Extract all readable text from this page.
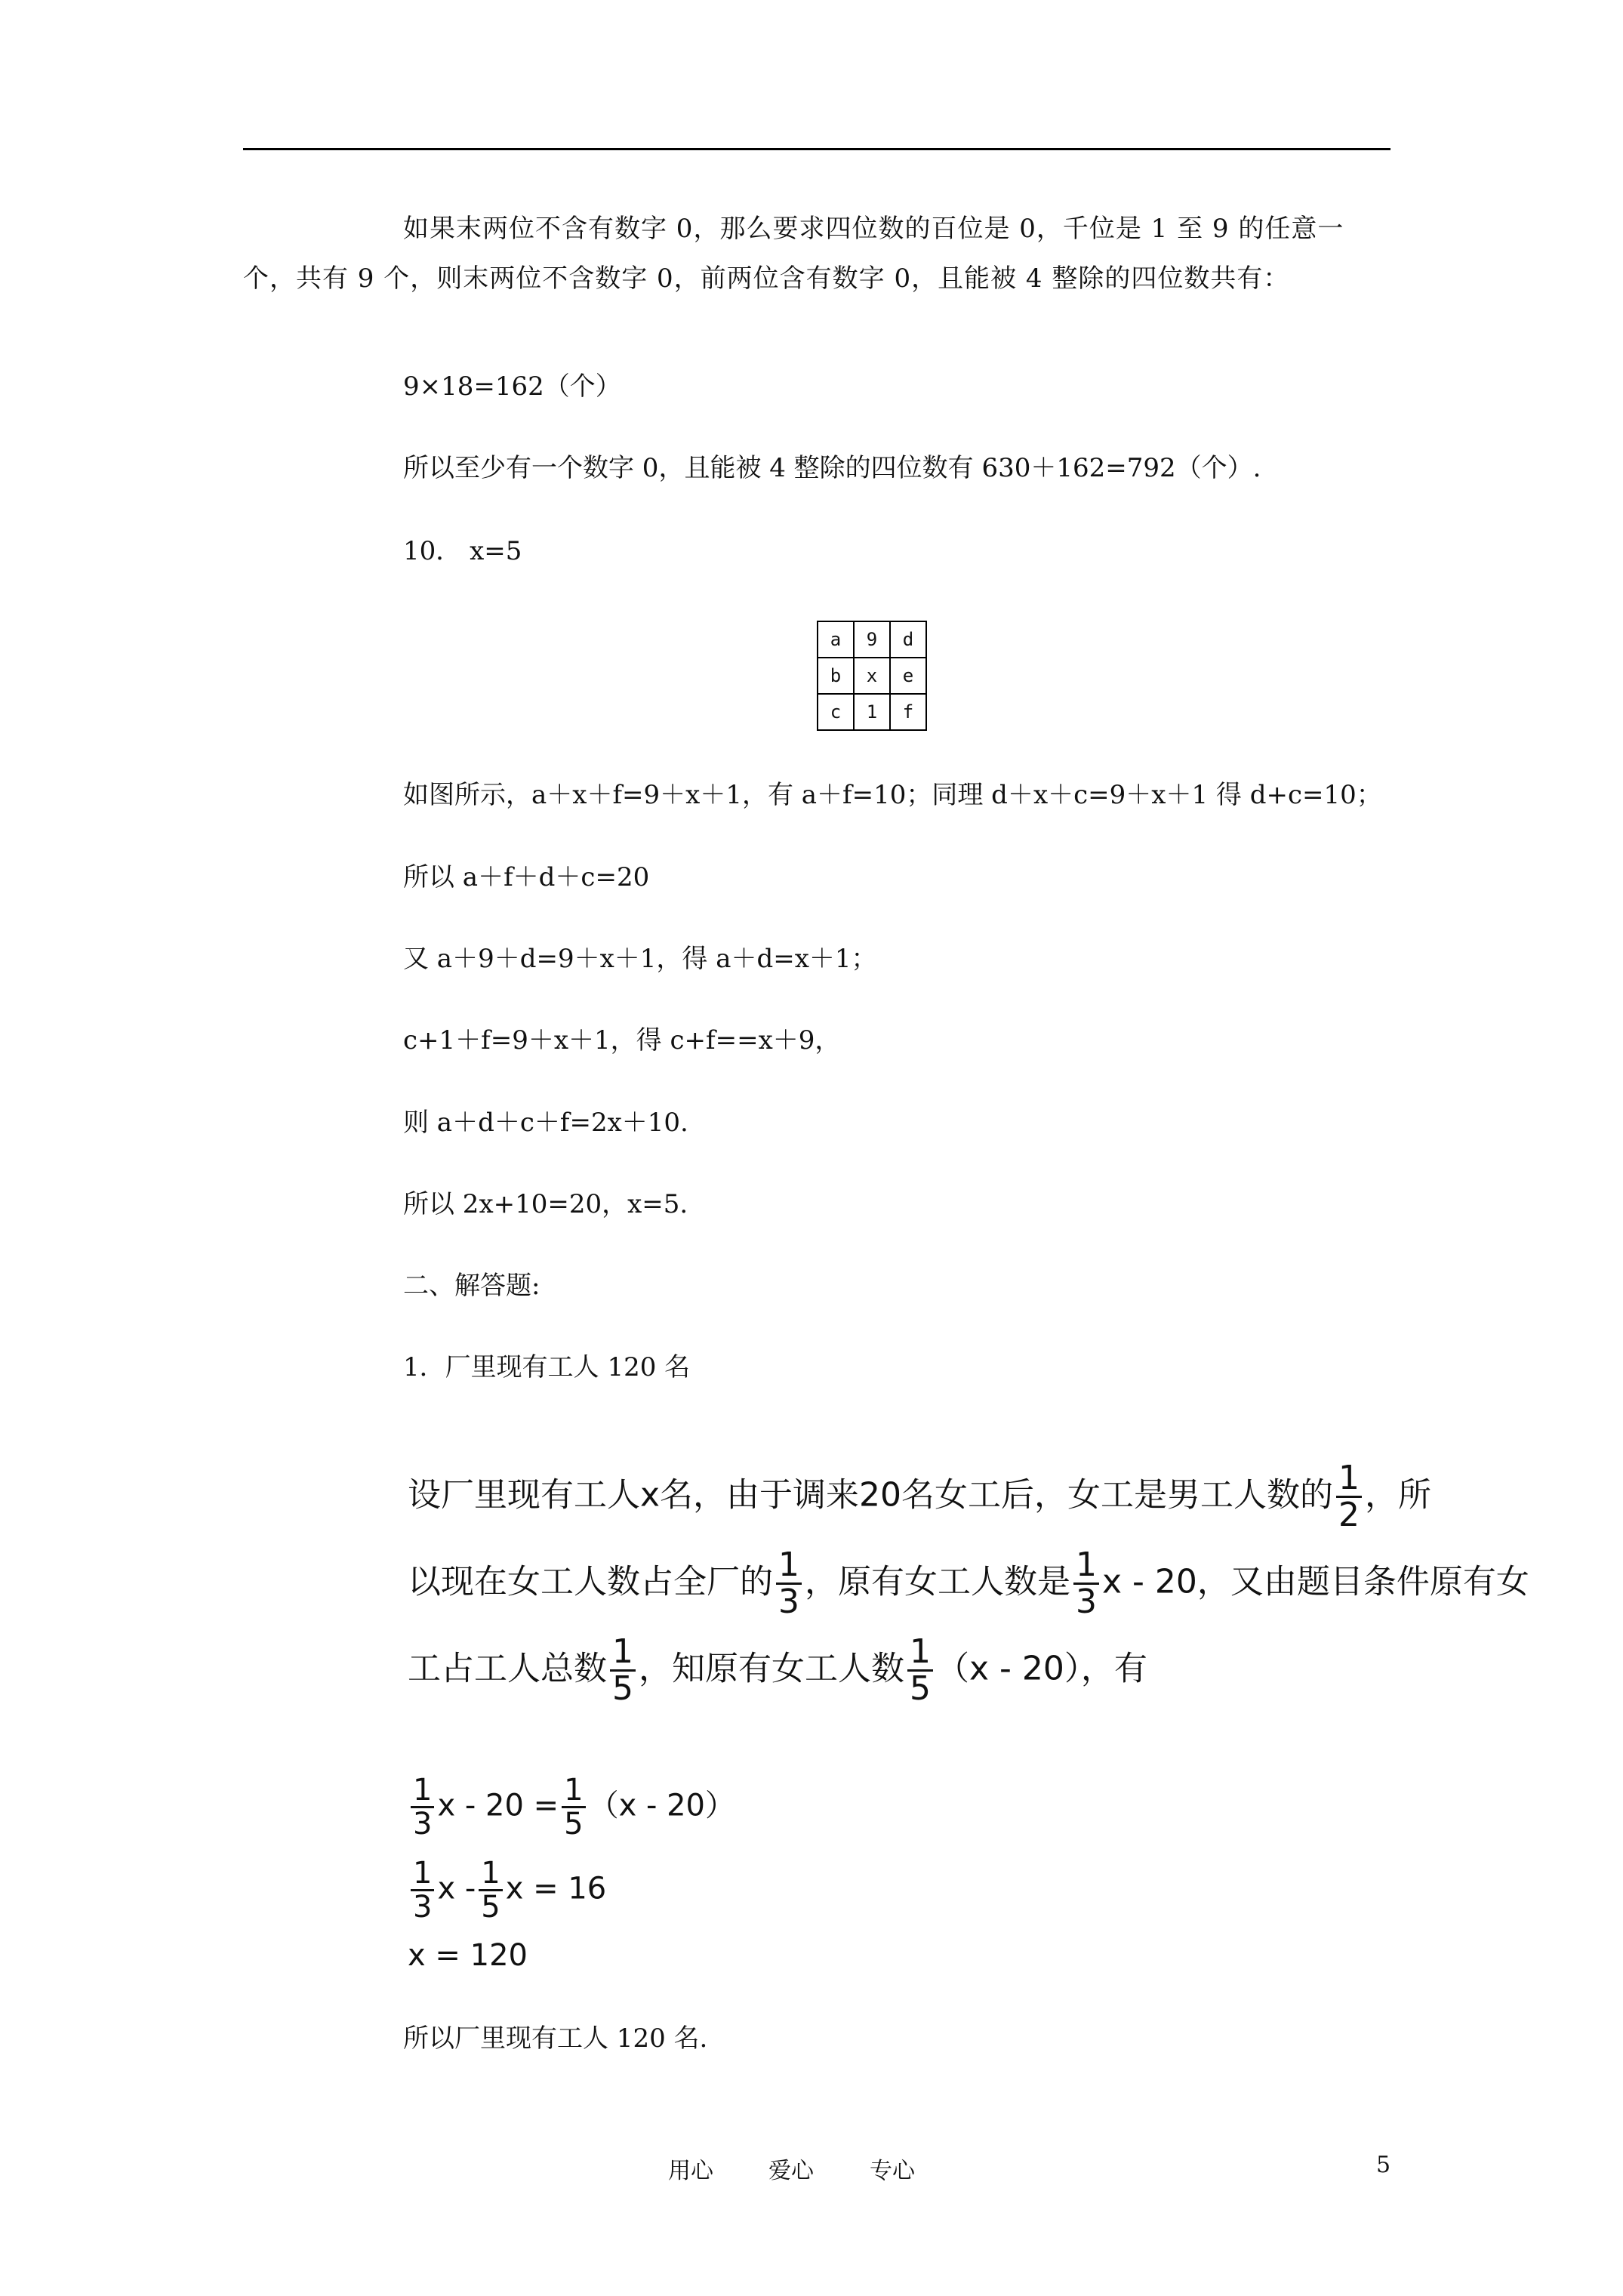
如果末两位不含有数字 0，那么要求四位数的百位是 0，千位是 1 至 9 的任意一个，共有 9 个，则末两位不含数字 0，前两位含有数字 0，且能被 4 整除的四位数共有：
9×18=162（个）
所以至少有一个数字 0，且能被 4 整除的四位数有 630＋162=792（个）.
10． x=5
a	9	d
b	x	e
c	1	f
如图所示，a＋x＋f=9＋x＋1，有 a＋f=10；同理 d＋x＋c=9＋x＋1 得 d+c=10；
所以 a＋f＋d＋c=20
又 a＋9＋d=9＋x＋1，得 a＋d=x＋1；
c+1＋f=9＋x＋1，得 c+f==x＋9，
则 a＋d＋c＋f=2x＋10.
所以 2x+10=20，x=5.
二、解答题:
1．厂里现有工人 120 名
设厂里现有工人x名，由于调来20名女工后，女工是男工人数的 $\frac{1}{2}$ ，所
以现在女工人数占全厂的 $\frac{1}{3}$ ，原有女工人数是 $\frac{1}{3}$ x - 20，又由题目条件原有女
工占工人总数 $\frac{1}{5}$ ，知原有女工人数 $\frac{1}{5} (x - 20)$，有
$\frac{1}{3}$ $x - 20 = \frac{1}{5} (x - 20)$
$\frac{1}{3}$ x - $\frac{1}{5}$ x = 16
x = 120
所以厂里现有工人 120 名.
用心 爱心 专心	5
